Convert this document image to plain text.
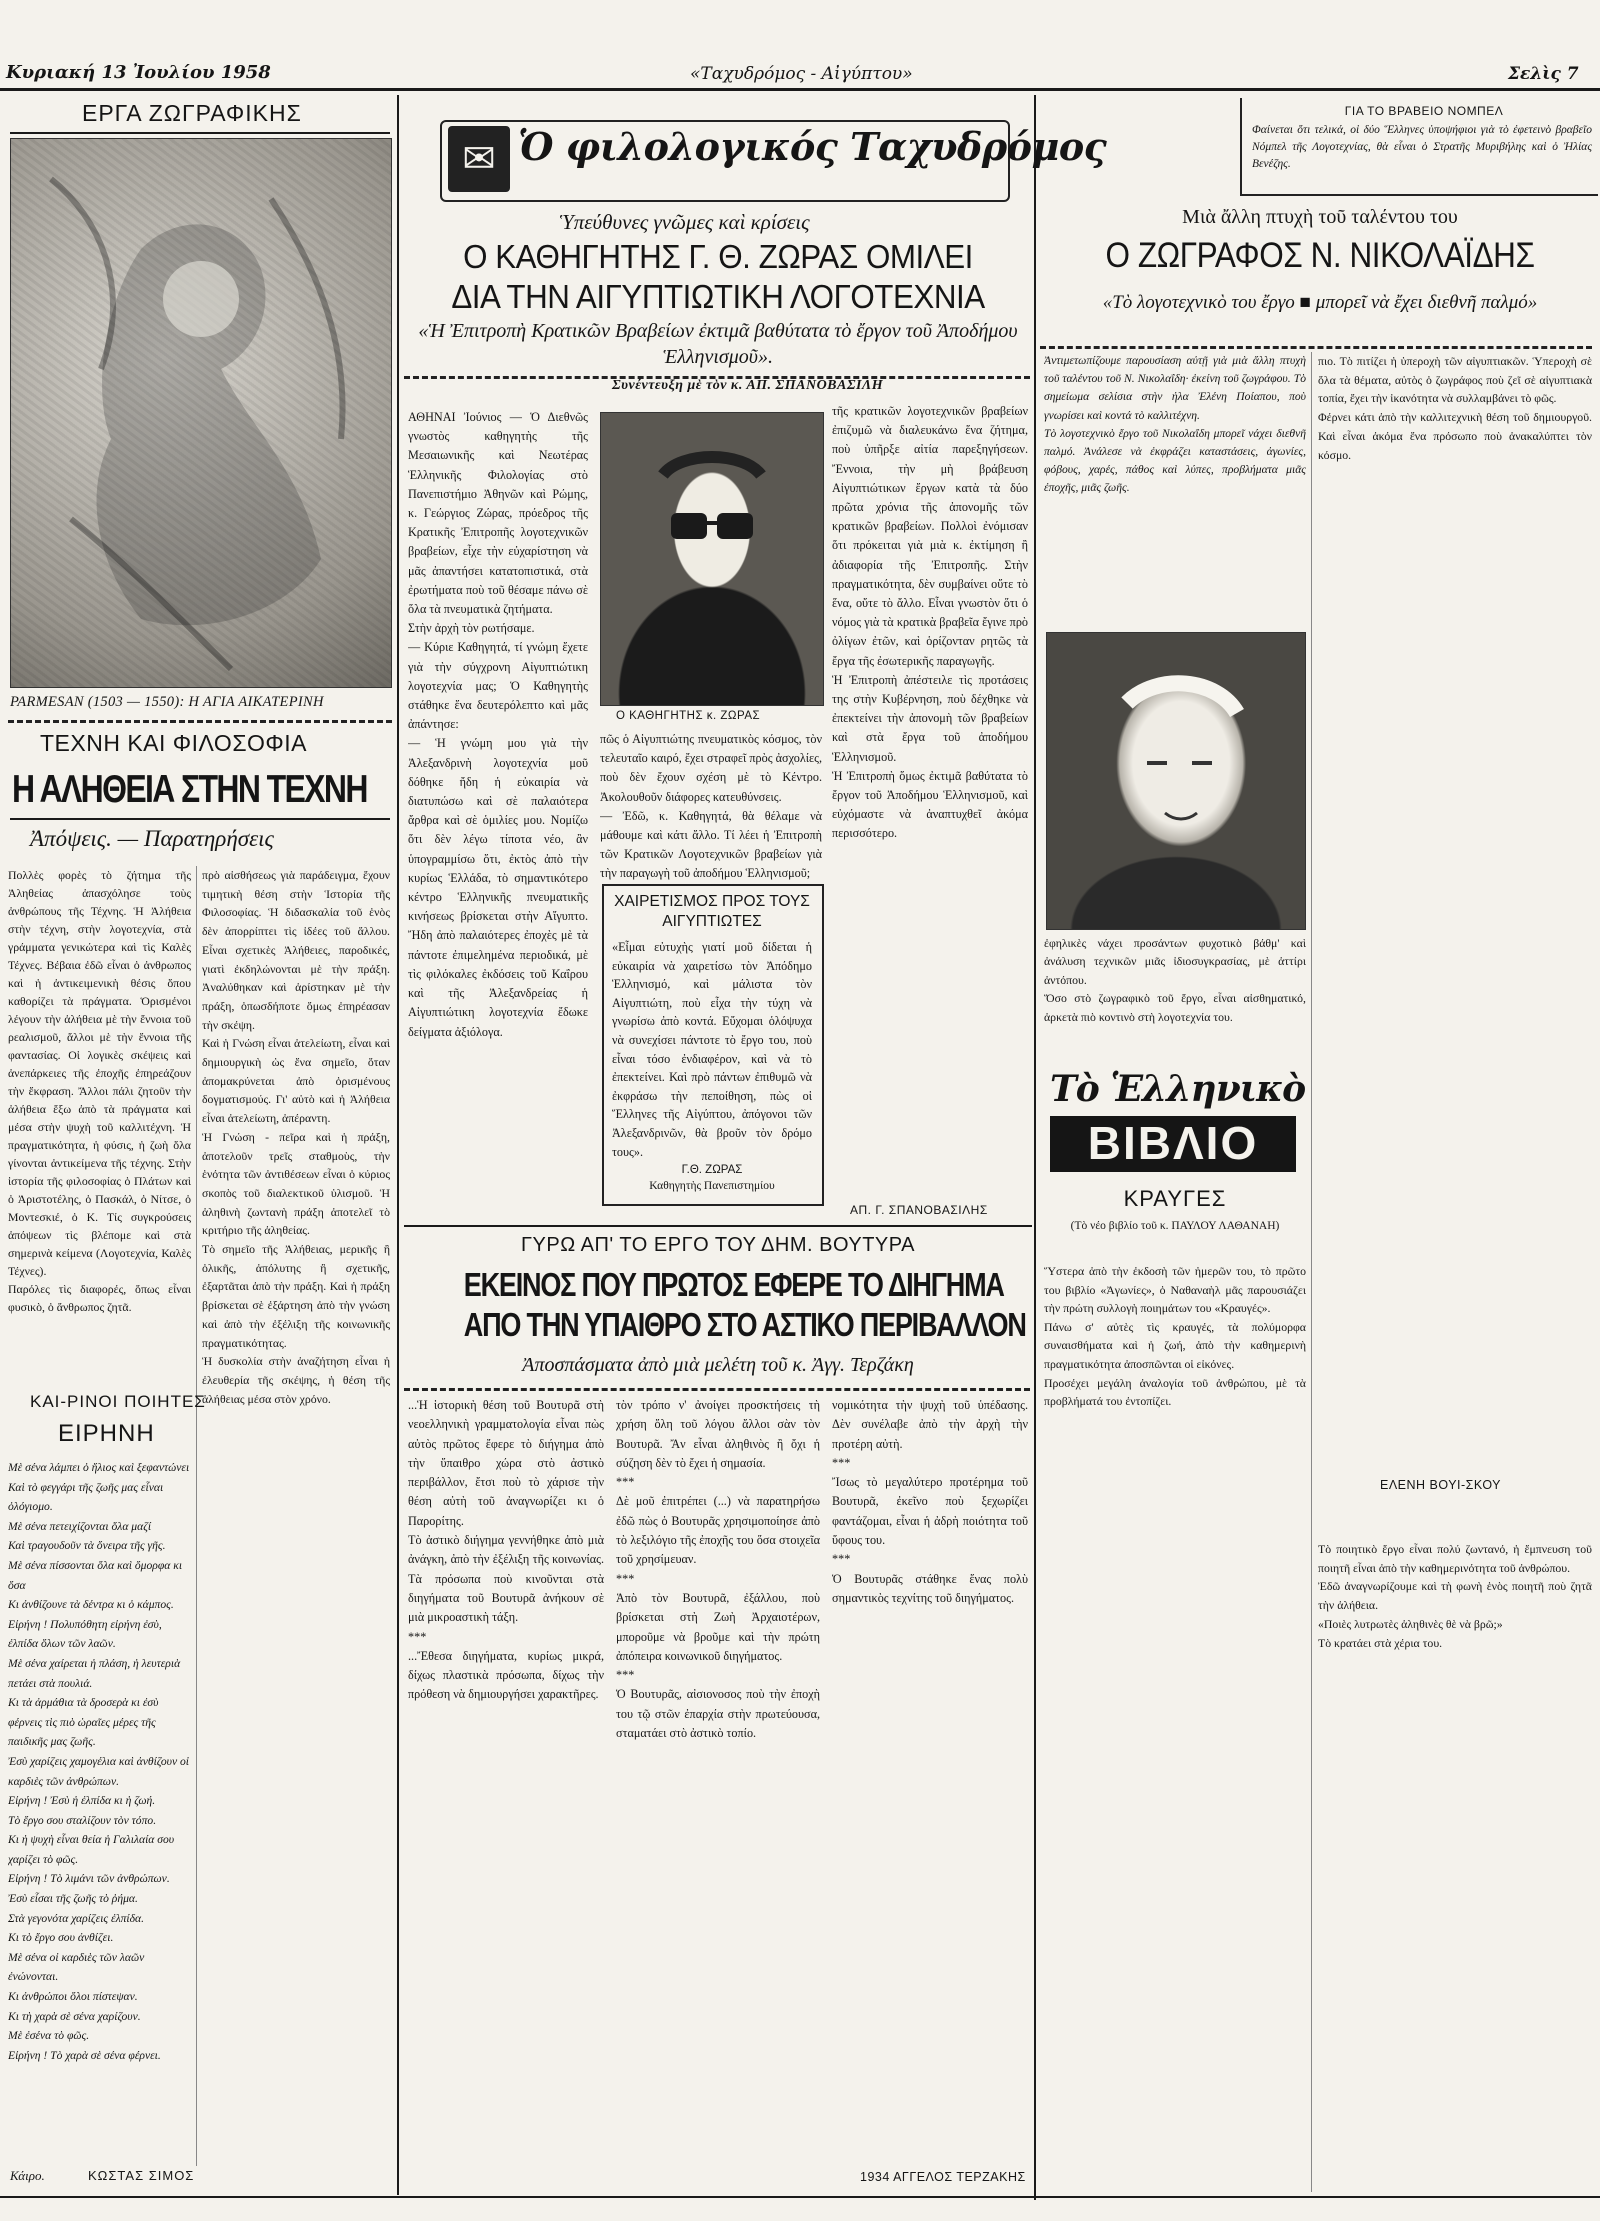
Κυριακή 13 Ἰουλίου 1958	«Ταχυδρόμος - Αἰγύπτου»	Σελὶς 7
ΕΡΓΑ ΖΩΓΡΑΦΙΚΗΣ
PARMESAN (1503 — 1550): Η ΑΓΙΑ ΑΙΚΑΤΕΡΙΝΗ
ΤΕΧΝΗ ΚΑΙ ΦΙΛΟΣΟΦΙΑ
Η ΑΛΗΘΕΙΑ ΣΤΗΝ ΤΕΧΝΗ
Ἀπόψεις. — Παρατηρήσεις
Πολλὲς φορὲς τὸ ζήτημα τῆς Ἀληθείας ἀπασχόλησε τοὺς ἀνθρώπους τῆς Τέχνης. Ἡ Ἀλήθεια στὴν τέχνη, στὴν λογοτεχνία, στὰ γράμματα γενικώτερα καὶ τὶς Καλὲς Τέχνες. Βέβαια ἐδῶ εἶναι ὁ ἀνθρωπος καὶ ἡ ἀντικειμενικὴ θέσις ὅπου καθορίζει τὰ πράγματα. Ὁρισμένοι λέγουν τὴν ἀλήθεια μὲ τὴν ἔννοια τοῦ ρεαλισμοῦ, ἄλλοι μὲ τὴν ἔννοια τῆς φαντασίας. Οἱ λογικὲς σκέψεις καὶ ἀνεπάρκειες τῆς ἐποχῆς ἐπηρεάζουν τὴν ἔκφραση. Ἄλλοι πάλι ζητοῦν τὴν ἀλήθεια ἔξω ἀπὸ τὰ πράγματα καὶ μέσα στὴν ψυχὴ τοῦ καλλιτέχνη. Ἡ πραγματικότητα, ἡ φύσις, ἡ ζωὴ ὅλα γίνονται ἀντικείμενα τῆς τέχνης. Στὴν ἱστορία τῆς φιλοσοφίας ὁ Πλάτων καὶ ὁ Ἀριστοτέλης, ὁ Πασκάλ, ὁ Νίτσε, ὁ Μοντεσκιέ, ὁ Κ. Τίς συγκρούσεις ἀπόψεων τὶς βλέπομε καὶ στὰ σημερινὰ κείμενα (Λογοτεχνία, Καλὲς Τέχνες).
Παρόλες τὶς διαφορές, ὅπως εἶναι φυσικὸ, ὁ ἄνθρωπος ζητᾶ.
πρὸ αἰσθήσεως γιὰ παράδειγμα, ἔχουν τιμητικὴ θέση στὴν Ἱστορία τῆς Φιλοσοφίας. Ἡ διδασκαλία τοῦ ἑνὸς δὲν ἀπορρίπτει τὶς ἰδέες τοῦ ἄλλου. Εἶναι σχετικὲς Ἀλήθειες, παροδικές, γιατὶ ἐκδηλώνονται μὲ τὴν πράξη. Ἀναλύθηκαν καὶ ἀρίστηκαν μὲ τὴν πράξη, ὁπωσδήποτε ὅμως ἐπηρέασαν τὴν σκέψη.
Καὶ ἡ Γνώση εἶναι ἀτελείωτη, εἶναι καὶ δημιουργικὴ ὡς ἕνα σημεῖο, ὅταν ἀπομακρύνεται ἀπὸ ὁρισμένους δογματισμούς. Γι' αὐτὸ καὶ ἡ Ἀλήθεια εἶναι ἀτελείωτη, ἀπέραντη.
Ἡ Γνώση - πεῖρα καὶ ἡ πράξη, ἀποτελοῦν τρεῖς σταθμοὺς, τὴν ἑνότητα τῶν ἀντιθέσεων εἶναι ὁ κύριος σκοπὸς τοῦ διαλεκτικοῦ ὑλισμοῦ. Ἡ ἀληθινὴ ζωντανὴ πράξη ἀποτελεῖ τὸ κριτήριο τῆς ἀληθείας.
Τὸ σημεῖο τῆς Ἀλήθειας, μερικῆς ἢ ὁλικῆς, ἀπόλυτης ἢ σχετικῆς, ἐξαρτᾶται ἀπὸ τὴν πράξη. Καὶ ἡ πράξη βρίσκεται σὲ ἐξάρτηση ἀπὸ τὴν γνώση καὶ ἀπὸ τὴν ἐξέλιξη τῆς κοινωνικῆς πραγματικότητας.
Ἡ δυσκολία στὴν ἀναζήτηση εἶναι ἡ ἐλευθερία τῆς σκέψης, ἡ θέση τῆς ἀλήθειας μέσα στὸν χρόνο.
ΚΑΙ-ΡΙΝΟΙ ΠΟΙΗΤΕΣ
ΕΙΡΗΝΗ
Μὲ σένα λάμπει ὁ ἥλιος καὶ ξεφαντώνει
Καὶ τὸ φεγγάρι τῆς ζωῆς μας εἶναι ὁλόγιομο.
Μὲ σένα πετειχίζονται ὅλα μαζί
Καὶ τραγουδοῦν τὰ ὄνειρα τῆς γῆς.
Μὲ σένα πίσσονται ὅλα καὶ ὄμορφα κι ὅσα
Κι ἀνθίζουνε τὰ δέντρα κι ὁ κάμπος.
Εἰρήνη ! Πολυπόθητη εἰρήνη ἐσὺ, ἐλπίδα ὅλων τῶν λαῶν.
Μὲ σένα χαίρεται ἡ πλάση, ἡ λευτεριὰ πετάει στὰ πουλιά.
Κι τὰ ἀρμάθια τὰ δροσερὰ κι ἐσὺ φέρνεις τὶς πιὸ ὡραῖες μέρες τῆς παιδικῆς μας ζωῆς.
Ἐσὺ χαρίζεις χαμογέλια καὶ ἀνθίζουν οἱ καρδιὲς τῶν ἀνθρώπων.
Εἰρήνη ! Ἐσὺ ἡ ἐλπίδα κι ἡ ζωή.
Τὸ ἔργο σου σταλίζουν τὸν τόπο.
Κι ἡ ψυχὴ εἶναι θεία ἡ Γαλιλαία σου χαρίζει τὸ φῶς.
Εἰρήνη ! Τὸ λιμάνι τῶν ἀνθρώπων.
Ἐσὺ εἶσαι τῆς ζωῆς τὸ ῥήμα.
Στὰ γεγονότα χαρίζεις ἐλπίδα.
Κι τὸ ἔργο σου ἀνθίζει.
Μὲ σένα οἱ καρδιὲς τῶν λαῶν ἐνώνονται.
Κι ἀνθρώποι ὅλοι πίστεψαν.
Κι τὴ χαρὰ σὲ σένα χαρίζουν.
Μὲ ἐσένα τὸ φῶς.
Εἰρήνη ! Τὸ χαρὰ σὲ σένα φέρνει.
Κάιρο.	ΚΩΣΤΑΣ ΣΙΜΟΣ
✉ Ὁ φιλολογικός Ταχυδρόμος
Ὑπεύθυνες γνῶμες καὶ κρίσεις
Ο ΚΑΘΗΓΗΤΗΣ Γ. Θ. ΖΩΡΑΣ ΟΜΙΛΕΙ
ΔΙΑ ΤΗΝ ΑΙΓΥΠΤΙΩΤΙΚΗ ΛΟΓΟΤΕΧΝΙΑ
«Ἡ Ἐπιτροπὴ Κρατικῶν Βραβείων ἐκτιμᾶ βαθύτατα τὸ ἔργον τοῦ Ἀποδήμου Ἑλληνισμοῦ».
Συνέντευξη μὲ τὸν κ. ΑΠ. ΣΠΑΝΟΒΑΣΙΛΗ
ΑΘΗΝΑΙ Ἰούνιος — Ὁ Διεθνῶς γνωστὸς καθηγητὴς τῆς Μεσαιωνικῆς καὶ Νεωτέρας Ἑλληνικῆς Φιλολογίας στὸ Πανεπιστήμιο Ἀθηνῶν καὶ Ρώμης, κ. Γεώργιος Ζώρας, πρόεδρος τῆς Κρατικῆς Ἐπιτροπῆς λογοτεχνικῶν βραβείων, εἶχε τὴν εὐχαρίστηση νὰ μᾶς ἀπαντήσει κατατοπιστικά, στὰ ἐρωτήματα ποὺ τοῦ θέσαμε πάνω σὲ ὅλα τὰ πνευματικὰ ζητήματα.
Στὴν ἀρχὴ τὸν ρωτήσαμε.
— Κύριε Καθηγητά, τί γνώμη ἔχετε γιὰ τὴν σύγχρονη Αἰγυπτιώτικη λογοτεχνία μας; Ὁ Καθηγητὴς στάθηκε ἕνα δευτερόλεπτο καὶ μᾶς ἀπάντησε:
— Ἡ γνώμη μου γιὰ τὴν Ἀλεξανδρινὴ λογοτεχνία μοῦ δόθηκε ἤδη ἡ εὐκαιρία νὰ διατυπώσω καὶ σὲ παλαιότερα ἄρθρα καὶ σὲ ὁμιλίες μου. Νομίζω ὅτι δὲν λέγω τίποτα νέο, ἂν ὑπογραμμίσω ὅτι, ἐκτὸς ἀπὸ τὴν κυρίως Ἑλλάδα, τὸ σημαντικότερο κέντρο Ἑλληνικῆς πνευματικῆς κινήσεως βρίσκεται στὴν Αἴγυπτο. Ἤδη ἀπὸ παλαιότερες ἐποχὲς μὲ τὰ πάντοτε ἐπιμελημένα περιοδικά, μὲ τὶς φιλόκαλες ἐκδόσεις τοῦ Καΐρου καὶ τῆς Ἀλεξανδρείας ἡ Αἰγυπτιώτικη λογοτεχνία ἔδωκε δείγματα ἀξιόλογα.
Ο ΚΑΘΗΓΗΤΗΣ κ. ΖΩΡΑΣ
πῶς ὁ Αἰγυπτιώτης πνευματικὸς κόσμος, τὸν τελευταῖο καιρό, ἔχει στραφεῖ πρὸς ἀσχολίες, ποὺ δὲν ἔχουν σχέση μὲ τὸ Κέντρο. Ἀκολουθοῦν διάφορες κατευθύνσεις.
— Ἐδῶ, κ. Καθηγητά, θὰ θέλαμε νὰ μάθουμε καὶ κάτι ἄλλο. Τί λέει ἡ Ἐπιτροπὴ τῶν Κρατικῶν Λογοτεχνικῶν βραβείων γιὰ τὴν παραγωγὴ τοῦ ἀποδήμου Ἑλληνισμοῦ;

ΧΑΙΡΕΤΙΣΜΟΣ ΠΡΟΣ ΤΟΥΣ ΑΙΓΥΠΤΙΩΤΕΣ
«Εἶμαι εὐτυχὴς γιατί μοῦ δίδεται ἡ εὐκαιρία νὰ χαιρετίσω τὸν Ἀπόδημο Ἑλληνισμό, καὶ μάλιστα τὸν Αἰγυπτιώτη, ποὺ εἶχα τὴν τύχη νὰ γνωρίσω ἀπὸ κοντά. Εὔχομαι ὁλόψυχα νὰ συνεχίσει πάντοτε τὸ ἔργο του, ποὺ εἶναι τόσο ἐνδιαφέρον, καὶ νὰ τὸ ἐπεκτείνει. Καὶ πρὸ πάντων ἐπιθυμῶ νὰ ἐκφράσω τὴν πεποίθηση, πὼς οἱ Ἕλληνες τῆς Αἰγύπτου, ἀπόγονοι τῶν Ἀλεξανδρινῶν, θὰ βροῦν τὸν δρόμο τους».
Γ.Θ. ΖΩΡΑΣ
Καθηγητὴς Πανεπιστημίου
τῆς κρατικῶν λογοτεχνικῶν βραβείων ἐπιζυμῶ νὰ διαλευκάνω ἕνα ζήτημα, ποὺ ὑπῆρξε αἰτία παρεξηγήσεων. Ἔννοια, τὴν μὴ βράβευση Αἰγυπτιώτικων ἔργων κατὰ τὰ δύο πρῶτα χρόνια τῆς ἀπονομῆς τῶν κρατικῶν βραβείων. Πολλοὶ ἐνόμισαν ὅτι πρόκειται γιὰ μιὰ κ. ἐκτίμηση ἢ ἀδιαφορία τῆς Ἐπιτροπῆς. Στὴν πραγματικότητα, δὲν συμβαίνει οὔτε τὸ ἕνα, οὔτε τὸ ἄλλο. Εἶναι γνωστὸν ὅτι ὁ νόμος γιὰ τὰ κρατικὰ βραβεῖα ἔγινε πρὸ ὀλίγων ἐτῶν, καὶ ὁρίζονταν ρητῶς τὰ ἔργα τῆς ἐσωτερικῆς παραγωγῆς.
Ἡ Ἐπιτροπὴ ἀπέστειλε τὶς προτάσεις της στὴν Κυβέρνηση, ποὺ δέχθηκε νὰ ἐπεκτείνει τὴν ἀπονομὴ τῶν βραβείων καὶ στὰ ἔργα τοῦ ἀποδήμου Ἑλληνισμοῦ.
Ἡ Ἐπιτροπὴ ὅμως ἐκτιμᾶ βαθύτατα τὸ ἔργον τοῦ Ἀποδήμου Ἑλληνισμοῦ, καὶ εὐχόμαστε νὰ ἀναπτυχθεῖ ἀκόμα περισσότερο.
ΑΠ. Γ. ΣΠΑΝΟΒΑΣΙΛΗΣ
ΓΥΡΩ ΑΠ' ΤΟ ΕΡΓΟ ΤΟΥ ΔΗΜ. ΒΟΥΤΥΡΑ
ΕΚΕΙΝΟΣ ΠΟΥ ΠΡΩΤΟΣ ΕΦΕΡΕ ΤΟ ΔΙΗΓΗΜΑ
ΑΠΟ ΤΗΝ ΥΠΑΙΘΡΟ ΣΤΟ ΑΣΤΙΚΟ ΠΕΡΙΒΑΛΛΟΝ
Ἀποσπάσματα ἀπὸ μιὰ μελέτη τοῦ κ. Ἀγγ. Τερζάκη
...Ἡ ἱστορικὴ θέση τοῦ Βουτυρᾶ στὴ νεοελληνικὴ γραμματολογία εἶναι πὼς αὐτὸς πρῶτος ἔφερε τὸ διήγημα ἀπὸ τὴν ὕπαιθρο χώρα στὸ ἀστικὸ περιβάλλον, ἔτσι ποὺ τὸ χάρισε τὴν θέση αὐτὴ τοῦ ἀναγνωρίζει κι ὁ Παρορίτης.
Τὸ ἀστικὸ διήγημα γεννήθηκε ἀπὸ μιὰ ἀνάγκη, ἀπὸ τὴν ἐξέλιξη τῆς κοινωνίας. Τὰ πρόσωπα ποὺ κινοῦνται στὰ διηγήματα τοῦ Βουτυρᾶ ἀνήκουν σὲ μιὰ μικροαστικὴ τάξη.
***
...Ἔθεσα διηγήματα, κυρίως μικρά, δίχως πλαστικὰ πρόσωπα, δίχως τὴν πρόθεση νὰ δημιουργήσει χαρακτῆρες.
τὸν τρόπο ν' ἀνοίγει προσκτήσεις τὴ χρήση ὅλη τοῦ λόγου ἄλλοι σὰν τὸν Βουτυρᾶ. Ἄν εἶναι ἀληθινὸς ἢ ὄχι ἡ σύζηση δὲν τὸ ἔχει ἡ σημασία.
***
Δὲ μοῦ ἐπιτρέπει (...) νὰ παρατηρήσω ἐδῶ πὼς ὁ Βουτυρᾶς χρησιμοποίησε ἀπὸ τὸ λεξιλόγιο τῆς ἐποχῆς του ὅσα στοιχεῖα τοῦ χρησίμευαν.
***
Ἁπὸ τὸν Βουτυρᾶ, ἐξάλλου, ποὺ βρίσκεται στὴ Ζωὴ Ἀρχαιοτέρων, μποροῦμε νὰ βροῦμε καὶ τὴν πρώτη ἀπόπειρα κοινωνικοῦ διηγήματος.
***
Ὁ Βουτυρᾶς, αἰσιονοσος ποὺ τὴν ἐποχὴ του τῷ στῶν ἐπαρχία στὴν πρωτεύουσα, σταματάει στὸ ἀστικὸ τοπίο.
νομικότητα τὴν ψυχὴ τοῦ ὑπέδασης. Δὲν συνέλαβε ἀπὸ τὴν ἀρχὴ τὴν προτέρη αὐτὴ.
***
Ἴσως τὸ μεγαλύτερο προτέρημα τοῦ Βουτυρᾶ, ἐκεῖνο ποὺ ξεχωρίζει φαντάζομαι, εἶναι ἡ ἀδρὴ ποιότητα τοῦ ὕφους του.
***
Ὁ Βουτυρᾶς στάθηκε ἕνας πολὺ σημαντικὸς τεχνίτης τοῦ διηγήματος.
1934 ΑΓΓΕΛΟΣ ΤΕΡΖΑΚΗΣ
ΓΙΑ ΤΟ ΒΡΑΒΕΙΟ ΝΟΜΠΕΛ
Φαίνεται ὅτι τελικά, οἱ δύο Ἕλληνες ὑποψήφιοι γιὰ τὸ ἐφετεινὸ βραβεῖο Νόμπελ τῆς Λογοτεχνίας, θὰ εἶναι ὁ Στρατῆς Μυριβήλης καὶ ὁ Ἠλίας Βενέζης.
Μιὰ ἄλλη πτυχὴ τοῦ ταλέντου του
Ο ΖΩΓΡΑΦΟΣ Ν. ΝΙΚΟΛΑΪΔΗΣ
«Τὸ λογοτεχνικὸ του ἔργο ■ μπορεῖ νὰ ἔχει διεθνῆ παλμό»
Ἀντιμετωπίζουμε παρουσίαση αὐτῇ γιὰ μιὰ ἄλλη πτυχὴ τοῦ ταλέντου τοῦ Ν. Νικολαΐδη· ἐκείνη τοῦ ζωγράφου. Τὸ σημείωμα σελίσια στὴν ἠλα Ἐλένη Ποίαπου, ποὺ γνωρίσει καὶ κοντά τὸ καλλιτέχνη.
Τὸ λογοτεχνικὸ ἔργο τοῦ Νικολαΐδη μπορεῖ νάχει διεθνῆ παλμό. Ἀνάλεσε νὰ ἐκφράζει καταστάσεις, ἀγωνίες, φόβους, χαρές, πάθος καὶ λύπες, προβλήματα μιᾶς ἐποχῆς, μιᾶς ζωῆς.
ἐφηλικὲς νάχει προσάντων φυχοτικὸ βάθμ' καὶ ἀνάλυση τεχνικῶν μιᾶς ἰδιοσυγκρασίας, μὲ ἀττίρι ἀντόπου.
Ὅσο στὸ ζωγραφικὸ τοῦ ἔργο, εἶναι αἰσθηματικό, ἀρκετὰ πιὸ κοντινὸ στὴ λογοτεχνία του.
πιο. Τὸ πιτίζει ἡ ὑπεροχὴ τῶν αἰγυπτιακῶν. Ὑπεροχὴ σὲ ὅλα τὰ θέματα, αὐτὸς ὁ ζωγράφος ποὺ ζεῖ σὲ αἰγυπτιακὰ τοπία, ἔχει τὴν ἱκανότητα νὰ συλλαμβάνει τὸ φῶς.
Φέρνει κάτι ἀπὸ τὴν καλλιτεχνικὴ θέση τοῦ δημιουργοῦ. Καὶ εἶναι ἀκόμα ἕνα πρόσωπο ποὺ ἀνακαλύπτει τὸν κόσμο.
Τὸ Ἑλληνικὸ
ΒΙΒΛΙΟ
ΚΡΑΥΓΕΣ
(Τὸ νέο βιβλίο τοῦ κ. ΠΑΥΛΟΥ ΛΑΘΑΝΑΗ)
Ὕστερα ἀπὸ τὴν ἐκδοσὴ τῶν ἡμερῶν του, τὸ πρῶτο του βιβλίο «Ἀγωνίες», ὁ Ναθαναὴλ μᾶς παρουσιάζει τὴν πρώτη συλλογὴ ποιημάτων του «Κραυγές».
Πάνω σ' αὐτὲς τὶς κραυγές, τὰ πολύμορφα συναισθήματα καὶ ἡ ζωή, ἀπὸ τὴν καθημερινὴ πραγματικότητα ἀποσπῶνται οἱ εἰκόνες.
Προσέχει μεγάλη ἀναλογία τοῦ ἀνθρώπου, μὲ τὰ προβλήματά του ἐντοπίζει.
Τὸ ποιητικὸ ἔργο εἶναι πολύ ζωντανό, ἡ ἔμπνευση τοῦ ποιητῆ εἶναι ἀπὸ τὴν καθημερινότητα τοῦ ἀνθρώπου.
Ἐδῶ ἀναγνωρίζουμε καὶ τὴ φωνὴ ἑνὸς ποιητῆ ποὺ ζητᾶ τὴν ἀλήθεια.
«Ποιὲς λυτρωτὲς ἀληθινὲς θὲ νὰ βρῶ;»
Τὸ κρατάει στὰ χέρια του.
ΕΛΕΝΗ ΒΟΥΙ-ΣΚΟΥ
